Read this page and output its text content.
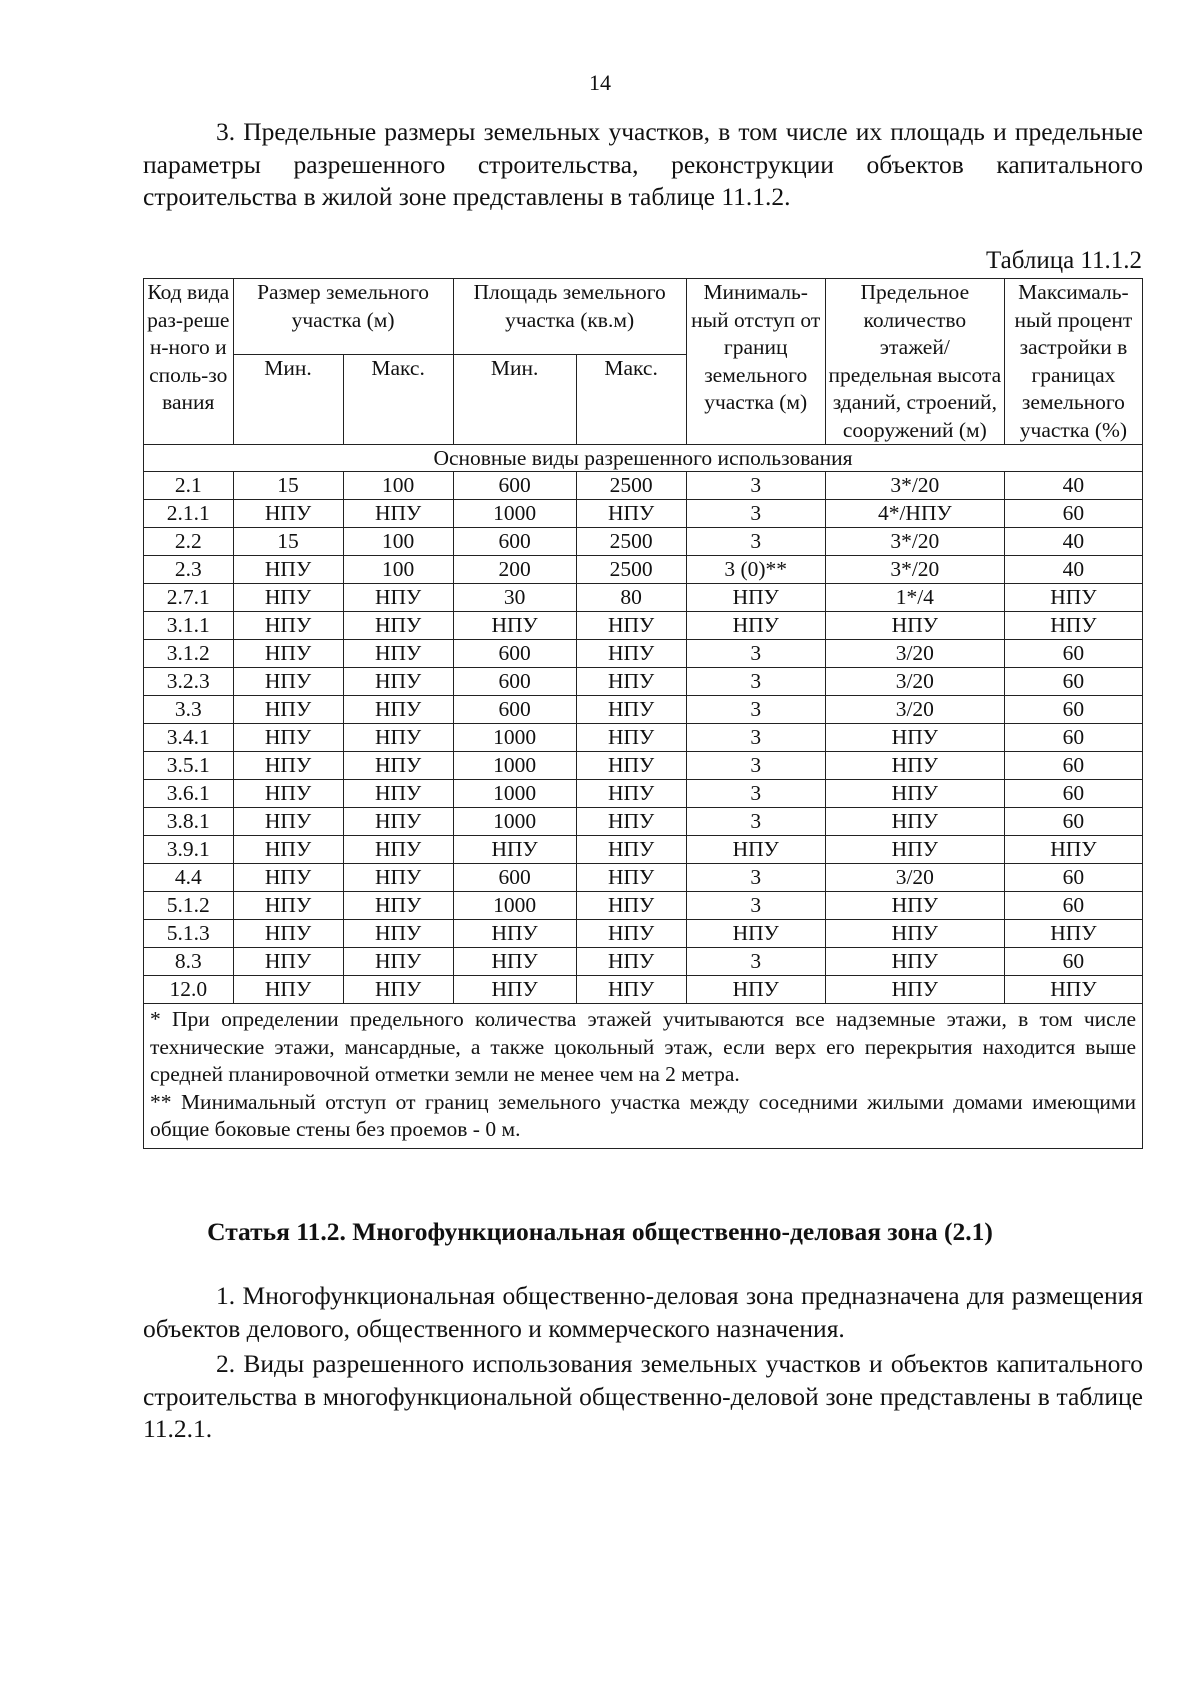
14

3. Предельные размеры земельных участков, в том числе их площадь и предельные параметры разрешенного строительства, реконструкции объектов капитального строительства в жилой зоне представлены в таблице 11.1.2.

Таблица 11.1.2
Код вида раз-решен-ного исполь-зования	Размер земельного участка (м)		Площадь земельного участка (кв.м)		Минималь-ный отступ от границ земельного участка (м)	Предельное количество этажей/ предельная высота зданий, строений, сооружений (м)	Максималь-ный процент застройки в границах земельного участка (%)
	Мин.	Макс.	Мин.	Макс.			
Основные виды разрешенного использования							
2.1	15	100	600	2500	3	3*/20	40
2.1.1	НПУ	НПУ	1000	НПУ	3	4*/НПУ	60
2.2	15	100	600	2500	3	3*/20	40
2.3	НПУ	100	200	2500	3 (0)**	3*/20	40
2.7.1	НПУ	НПУ	30	80	НПУ	1*/4	НПУ
3.1.1	НПУ	НПУ	НПУ	НПУ	НПУ	НПУ	НПУ
3.1.2	НПУ	НПУ	600	НПУ	3	3/20	60
3.2.3	НПУ	НПУ	600	НПУ	3	3/20	60
3.3	НПУ	НПУ	600	НПУ	3	3/20	60
3.4.1	НПУ	НПУ	1000	НПУ	3	НПУ	60
3.5.1	НПУ	НПУ	1000	НПУ	3	НПУ	60
3.6.1	НПУ	НПУ	1000	НПУ	3	НПУ	60
3.8.1	НПУ	НПУ	1000	НПУ	3	НПУ	60
3.9.1	НПУ	НПУ	НПУ	НПУ	НПУ	НПУ	НПУ
4.4	НПУ	НПУ	600	НПУ	3	3/20	60
5.1.2	НПУ	НПУ	1000	НПУ	3	НПУ	60
5.1.3	НПУ	НПУ	НПУ	НПУ	НПУ	НПУ	НПУ
8.3	НПУ	НПУ	НПУ	НПУ	3	НПУ	60
12.0	НПУ	НПУ	НПУ	НПУ	НПУ	НПУ	НПУ

* При определении предельного количества этажей учитываются все надземные этажи, в том числе технические этажи, мансардные, а также цокольный этаж, если верх его перекрытия находится выше средней планировочной отметки земли не менее чем на 2 метра.
** Минимальный отступ от границ земельного участка между соседними жилыми домами имеющими общие боковые стены без проемов - 0 м.							
Статья 11.2. Многофункциональная общественно-деловая зона (2.1)

1. Многофункциональная общественно-деловая зона предназначена для размещения объектов делового, общественного и коммерческого назначения.

2. Виды разрешенного использования земельных участков и объектов капитального строительства в многофункциональной общественно-деловой зоне представлены в таблице 11.2.1.
